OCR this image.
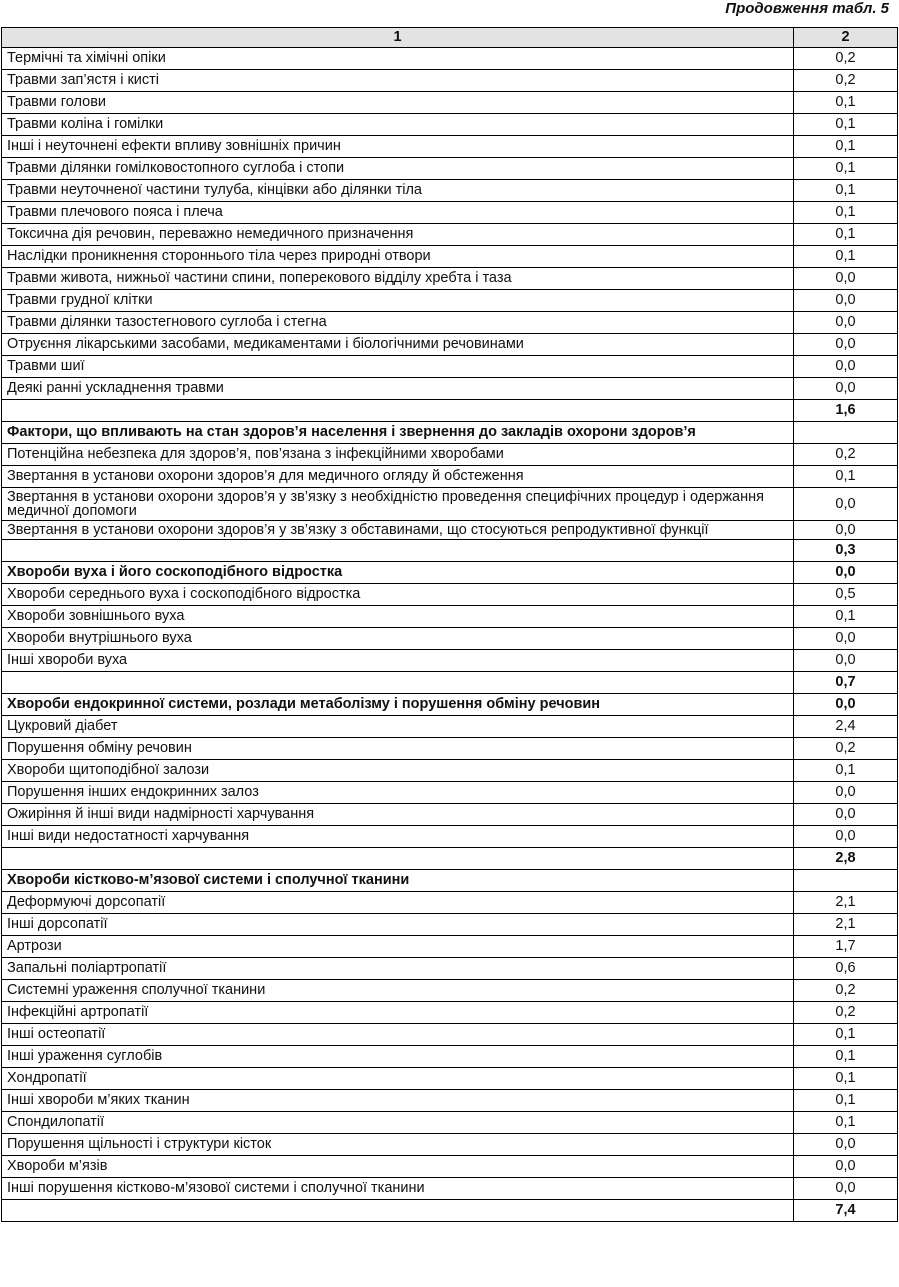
Продовження табл. 5
1	2
Термічні та хімічні опіки	0,2
Травми зап’ястя і кисті	0,2
Травми голови	0,1
Травми коліна і гомілки	0,1
Інші і неуточнені ефекти впливу зовнішніх причин	0,1
Травми ділянки гомілковостопного суглоба і стопи	0,1
Травми неуточненої частини тулуба, кінцівки або ділянки тіла	0,1
Травми плечового пояса і плеча	0,1
Токсична дія речовин, переважно немедичного призначення	0,1
Наслідки проникнення стороннього тіла через природні отвори	0,1
Травми живота, нижньої частини спини, поперекового відділу хребта і таза	0,0
Травми грудної клітки	0,0
Травми ділянки тазостегнового суглоба і стегна	0,0
Отруєння лікарськими засобами, медикаментами і біологічними речовинами	0,0
Травми шиї	0,0
Деякі ранні ускладнення травми	0,0
	1,6
Фактори, що впливають на стан здоров’я населення і звернення до закладів охорони здоров’я	
Потенційна небезпека для здоров’я, пов’язана з інфекційними хворобами	0,2
Звертання в установи охорони здоров’я для медичного огляду й обстеження	0,1
Звертання в установи охорони здоров’я у зв’язку з необхідністю проведення специфічних процедур і одержання медичної допомоги	0,0
Звертання в установи охорони здоров’я у зв’язку з обставинами, що стосуються репродуктивної функції	0,0
	0,3
Хвороби вуха і його соскоподібного відростка	0,0
Хвороби середнього вуха і соскоподібного відростка	0,5
Хвороби зовнішнього вуха	0,1
Хвороби внутрішнього вуха	0,0
Інші хвороби вуха	0,0
	0,7
Хвороби ендокринної системи, розлади метаболізму і порушення обміну речовин	0,0
Цукровий діабет	2,4
Порушення обміну речовин	0,2
Хвороби щитоподібної залози	0,1
Порушення інших ендокринних залоз	0,0
Ожиріння й інші види надмірності харчування	0,0
Інші види недостатності харчування	0,0
	2,8
Хвороби кістково-м’язової системи і сполучної тканини	
Деформуючі дорсопатії	2,1
Інші дорсопатії	2,1
Артрози	1,7
Запальні поліартропатії	0,6
Системні ураження сполучної тканини	0,2
Інфекційні артропатії	0,2
Інші остеопатії	0,1
Інші ураження суглобів	0,1
Хондропатії	0,1
Інші хвороби м’яких тканин	0,1
Спондилопатії	0,1
Порушення щільності і структури кісток	0,0
Хвороби м’язів	0,0
Інші порушення кістково-м’язової системи і сполучної тканини	0,0
	7,4
